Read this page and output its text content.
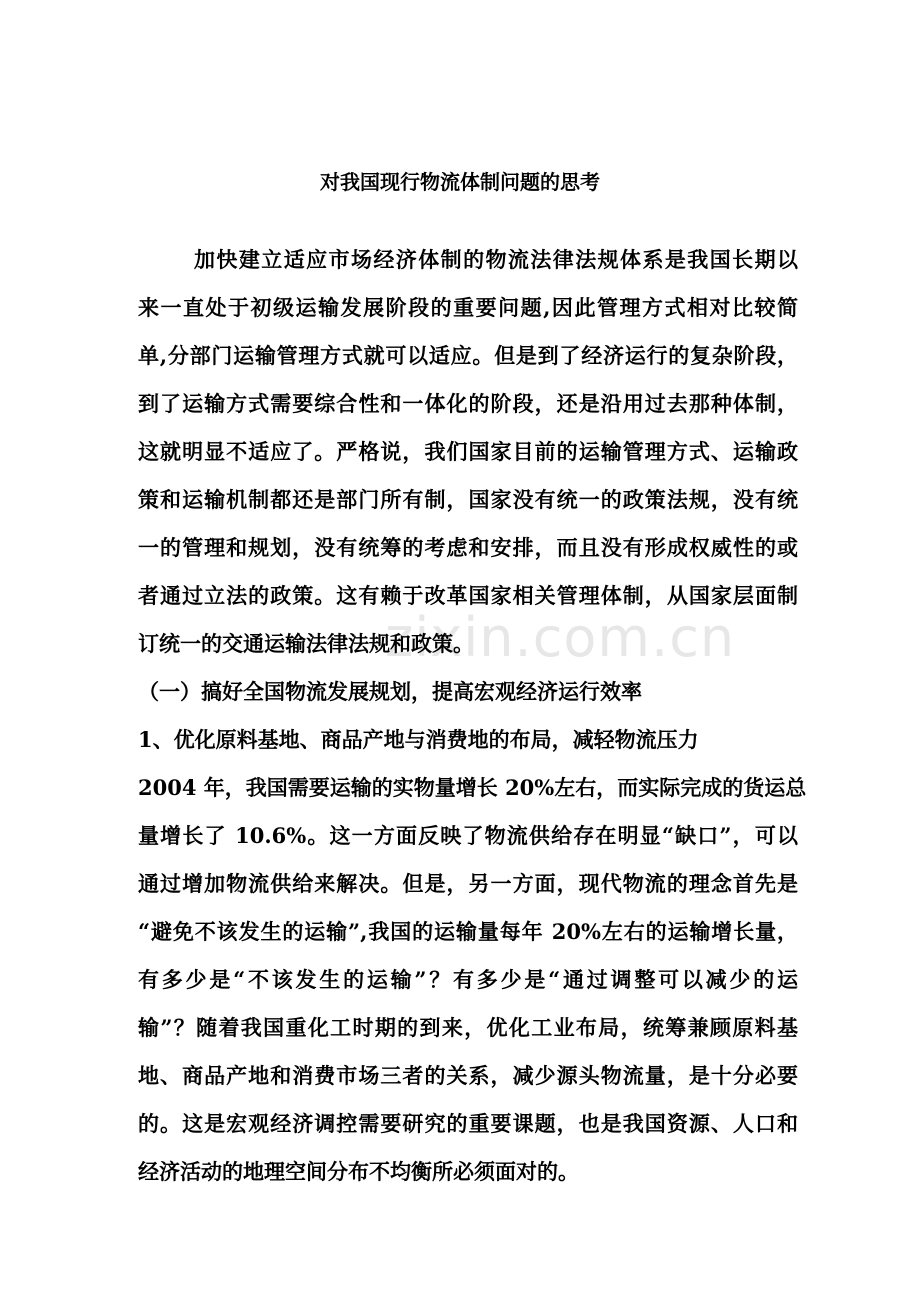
zixin.com.cn
对我国现行物流体制问题的思考
加快建立适应市场经济体制的物流法律法规体系是我国长期以
来一直处于初级运输发展阶段的重要问题,因此管理方式相对比较简
单,分部门运输管理方式就可以适应。但是到了经济运行的复杂阶段，
到了运输方式需要综合性和一体化的阶段，还是沿用过去那种体制，
这就明显不适应了。严格说，我们国家目前的运输管理方式、运输政
策和运输机制都还是部门所有制，国家没有统一的政策法规，没有统
一的管理和规划，没有统筹的考虑和安排，而且没有形成权威性的或
者通过立法的政策。这有赖于改革国家相关管理体制，从国家层面制
订统一的交通运输法律法规和政策。
（一）搞好全国物流发展规划，提高宏观经济运行效率
1、优化原料基地、商品产地与消费地的布局，减轻物流压力
2004 年，我国需要运输的实物量增长 20%左右，而实际完成的货运总
量增长了 10.6%。这一方面反映了物流供给存在明显“缺口”，可以
通过增加物流供给来解决。但是，另一方面，现代物流的理念首先是
“避免不该发生的运输”,我国的运输量每年 20%左右的运输增长量，
有多少是“不该发生的运输”？有多少是“通过调整可以减少的运
输”？随着我国重化工时期的到来，优化工业布局，统筹兼顾原料基
地、商品产地和消费市场三者的关系，减少源头物流量，是十分必要
的。这是宏观经济调控需要研究的重要课题，也是我国资源、人口和
经济活动的地理空间分布不均衡所必须面对的。
